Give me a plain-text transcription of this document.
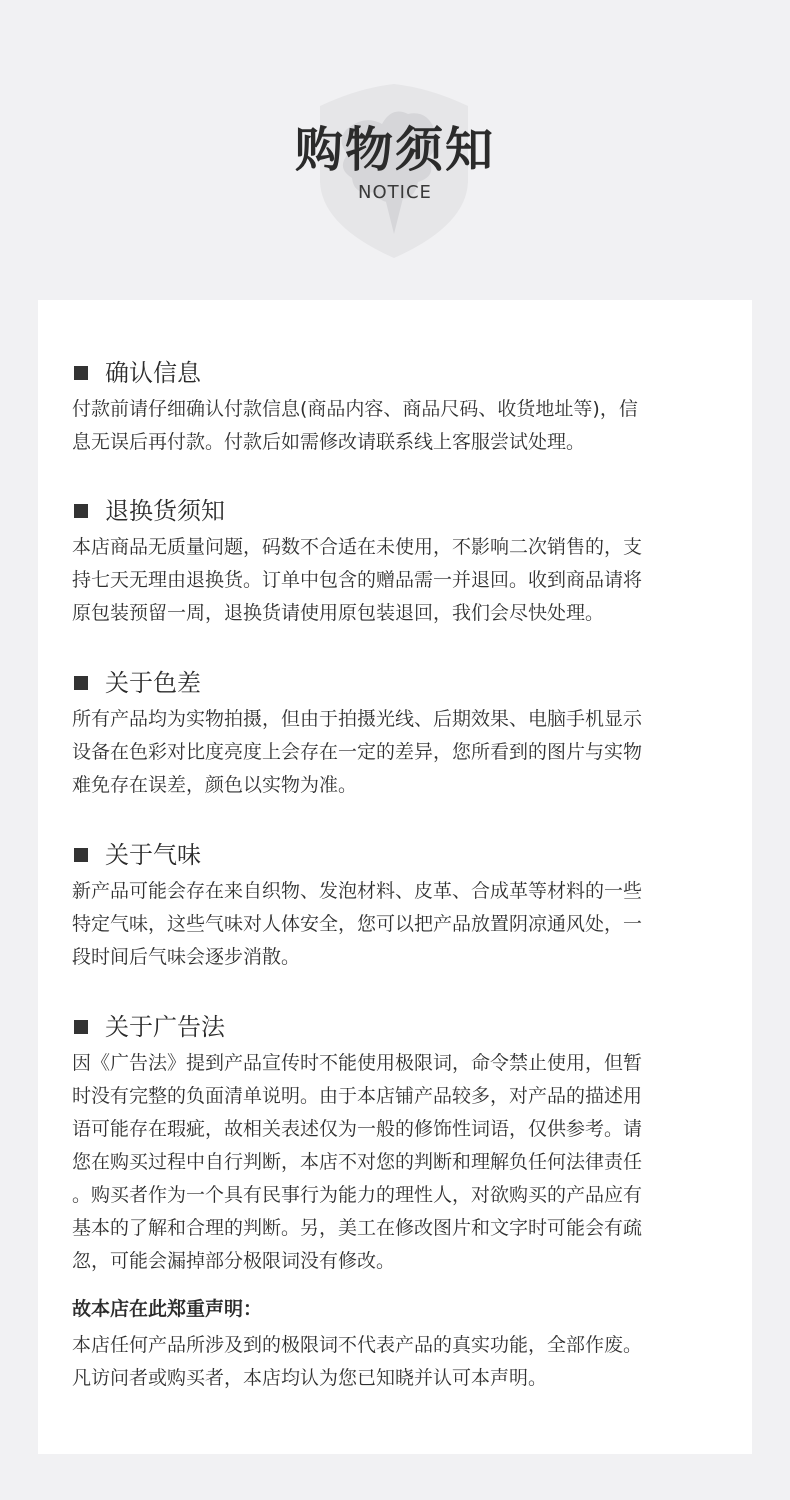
购物须知
NOTICE
确认信息
付款前请仔细确认付款信息(商品内容、商品尺码、收货地址等)，信
息无误后再付款。付款后如需修改请联系线上客服尝试处理。
退换货须知
本店商品无质量问题，码数不合适在未使用，不影响二次销售的，支
持七天无理由退换货。订单中包含的赠品需一并退回。收到商品请将
原包装预留一周，退换货请使用原包装退回，我们会尽快处理。
关于色差
所有产品均为实物拍摄，但由于拍摄光线、后期效果、电脑手机显示
设备在色彩对比度亮度上会存在一定的差异，您所看到的图片与实物
难免存在误差，颜色以实物为准。
关于气味
新产品可能会存在来自织物、发泡材料、皮革、合成革等材料的一些
特定气味，这些气味对人体安全，您可以把产品放置阴凉通风处，一
段时间后气味会逐步消散。
关于广告法
因《广告法》提到产品宣传时不能使用极限词，命令禁止使用，但暂
时没有完整的负面清单说明。由于本店铺产品较多，对产品的描述用
语可能存在瑕疵，故相关表述仅为一般的修饰性词语，仅供参考。请
您在购买过程中自行判断，本店不对您的判断和理解负任何法律责任
。购买者作为一个具有民事行为能力的理性人，对欲购买的产品应有
基本的了解和合理的判断。另，美工在修改图片和文字时可能会有疏
忽，可能会漏掉部分极限词没有修改。
故本店在此郑重声明：
本店任何产品所涉及到的极限词不代表产品的真实功能，全部作废。
凡访问者或购买者，本店均认为您已知晓并认可本声明。
